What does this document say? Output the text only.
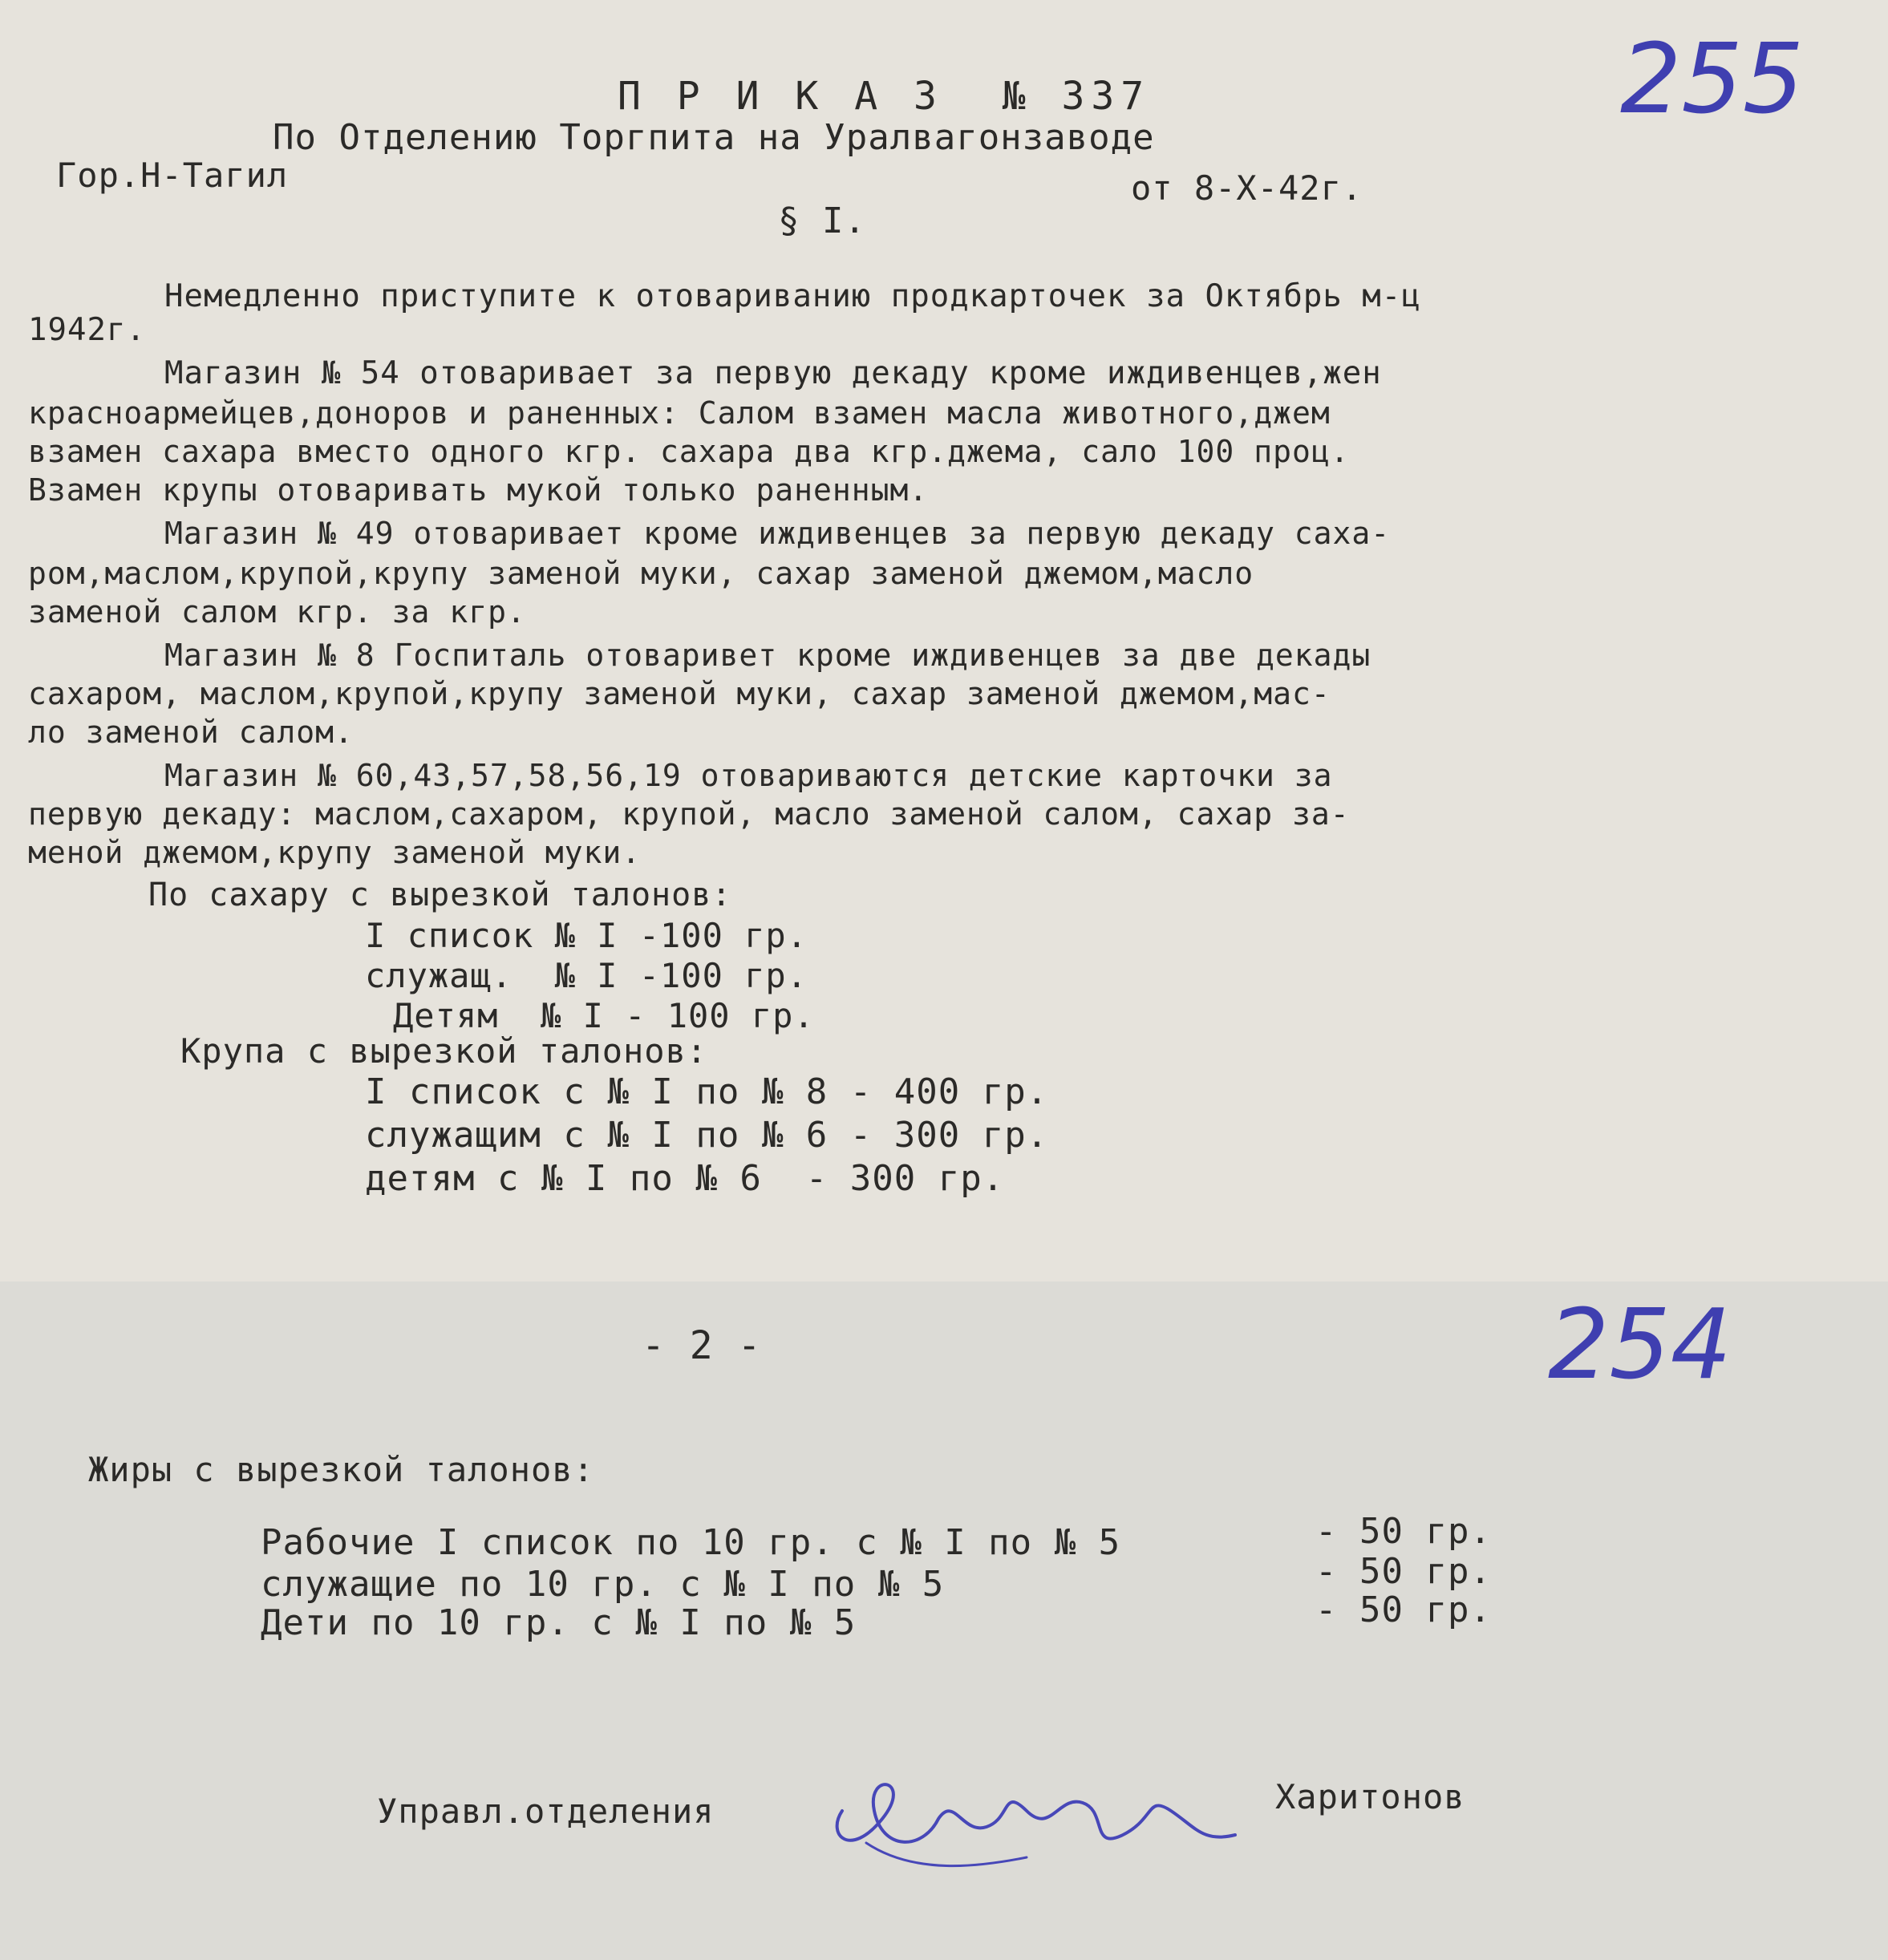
255
П Р И К А З  № 337
По Отделению Торгпита на Уралвагонзаводе
Гор.Н-Тагил	от 8-Х-42г.
§ I.
Немедленно приступите к отовариванию продкарточек за Октябрь м-ц
1942г.
Магазин № 54 отоваривает за первую декаду кроме иждивенцев,жен
красноармейцев,доноров и раненных: Салом взамен масла животного,джем
взамен сахара вместо одного кгр. сахара два кгр.джема, сало 100 проц.
Взамен крупы отоваривать мукой только раненным.
Магазин № 49 отоваривает кроме иждивенцев за первую декаду саха-
ром,маслом,крупой,крупу заменой муки, сахар заменой джемом,масло
заменой салом кгр. за кгр.
Магазин № 8 Госпиталь отоваривет кроме иждивенцев за две декады
сахаром, маслом,крупой,крупу заменой муки, сахар заменой джемом,мас-
ло заменой салом.
Магазин № 60,43,57,58,56,19 отовариваются детские карточки за
первую декаду: маслом,сахаром, крупой, масло заменой салом, сахар за-
меной джемом,крупу заменой муки.
По сахару с вырезкой талонов:
I список № I -100 гр.
служащ.  № I -100 гр.
Детям  № I - 100 гр.
Крупа с вырезкой талонов:
I список с № I по № 8 - 400 гр.
служащим с № I по № 6 - 300 гр.
детям с № I по № 6  - 300 гр.
- 2 -	254
Жиры с вырезкой талонов:
Рабочие I список по 10 гр. с № I по № 5	- 50 гр.
служащие по 10 гр. с № I по № 5	- 50 гр.
Дети по 10 гр. с № I по № 5	- 50 гр.
Управл.отделения	Харитонов
